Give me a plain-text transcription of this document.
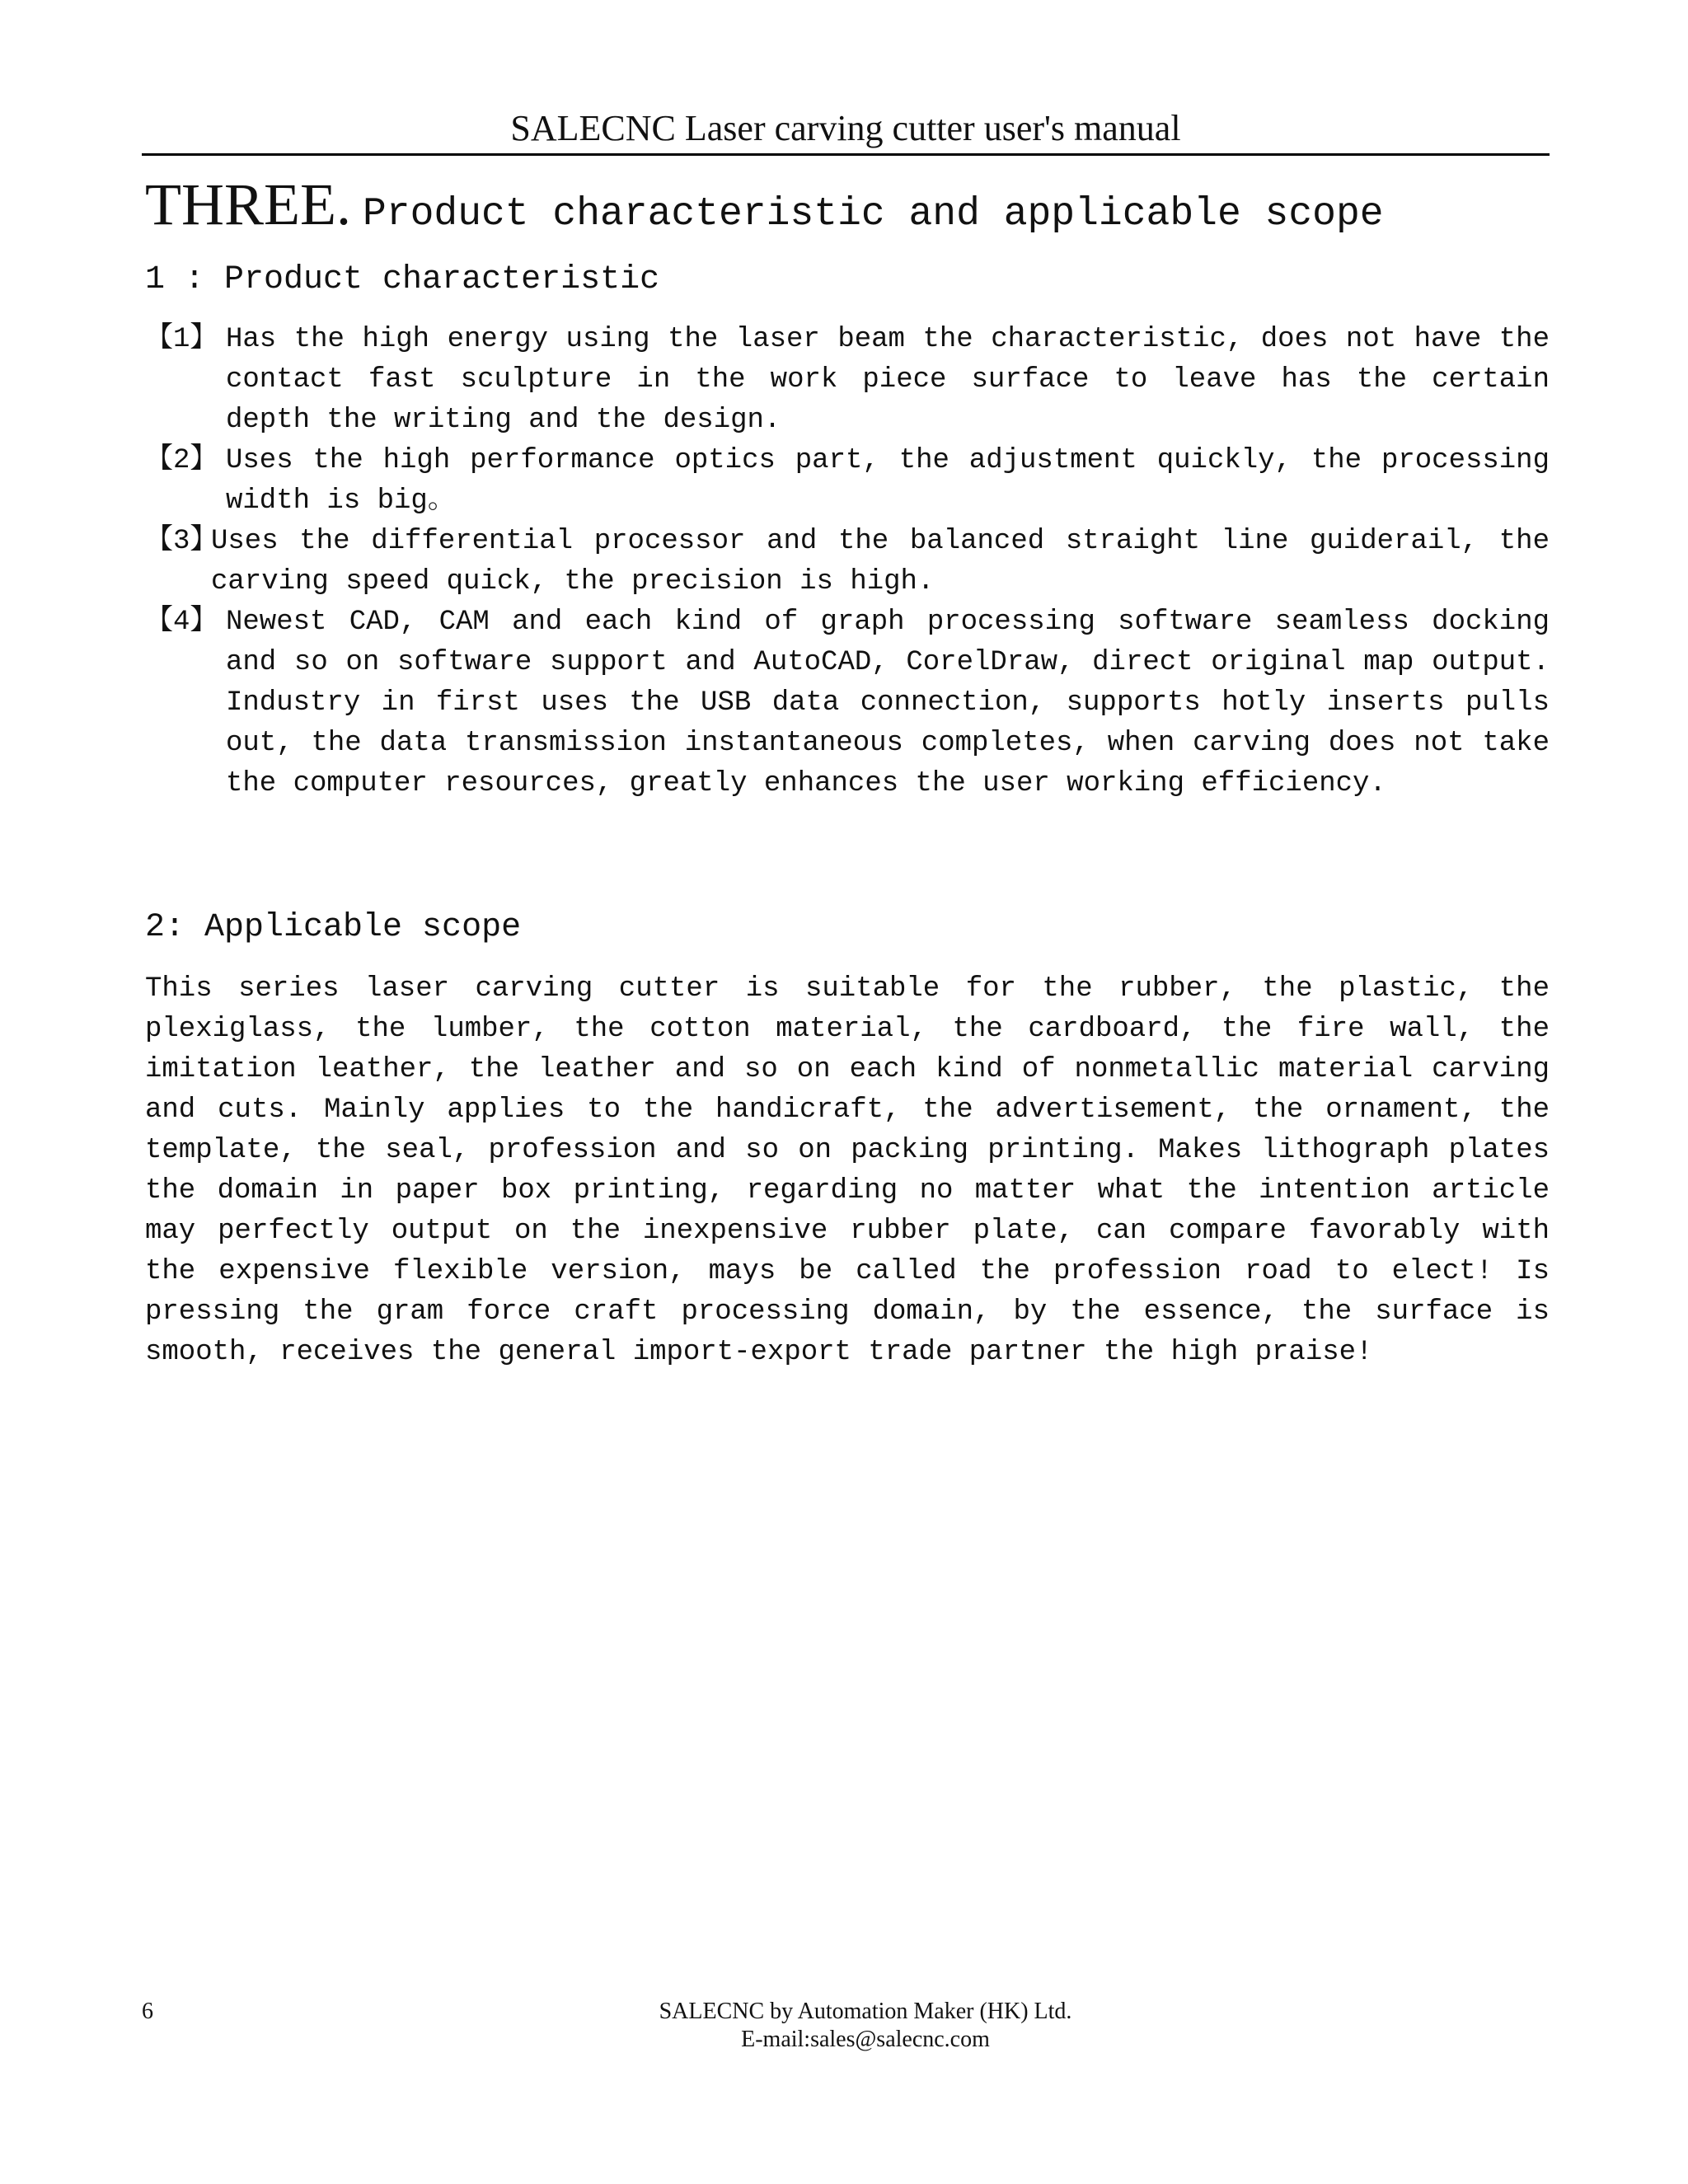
SALECNC Laser carving cutter user's manual
THREE. Product characteristic and applicable scope
1 : Product characteristic
【1】 Has the high energy using the laser beam the characteristic, does not have the contact fast sculpture in the work piece surface to leave has the certain depth the writing and the design.
【2】 Uses the high performance optics part, the adjustment quickly, the processing width is big。
【3】
Uses the differential processor and the balanced straight line guiderail, the carving speed quick, the precision is high.
【4】 Newest CAD, CAM and each kind of graph processing software seamless docking and so on software support and AutoCAD, CorelDraw, direct original map output. Industry in first uses the USB data connection, supports hotly inserts pulls out, the data transmission instantaneous completes, when carving does not take the computer resources, greatly enhances the user working efficiency.
2: Applicable scope
This series laser carving cutter is suitable for the rubber, the plastic, the plexiglass, the lumber, the cotton material, the cardboard, the fire wall, the imitation leather, the leather and so on each kind of nonmetallic material carving and cuts. Mainly applies to the handicraft, the advertisement, the ornament, the template, the seal, profession and so on packing printing. Makes lithograph plates the domain in paper box printing, regarding no matter what the intention article may perfectly output on the inexpensive rubber plate, can compare favorably with the expensive flexible version, mays be called the profession road to elect! Is pressing the gram force craft processing domain, by the essence, the surface is smooth, receives the general import-export trade partner the high praise!
6	SALECNC by Automation Maker (HK) Ltd.
E-mail:sales@salecnc.com
